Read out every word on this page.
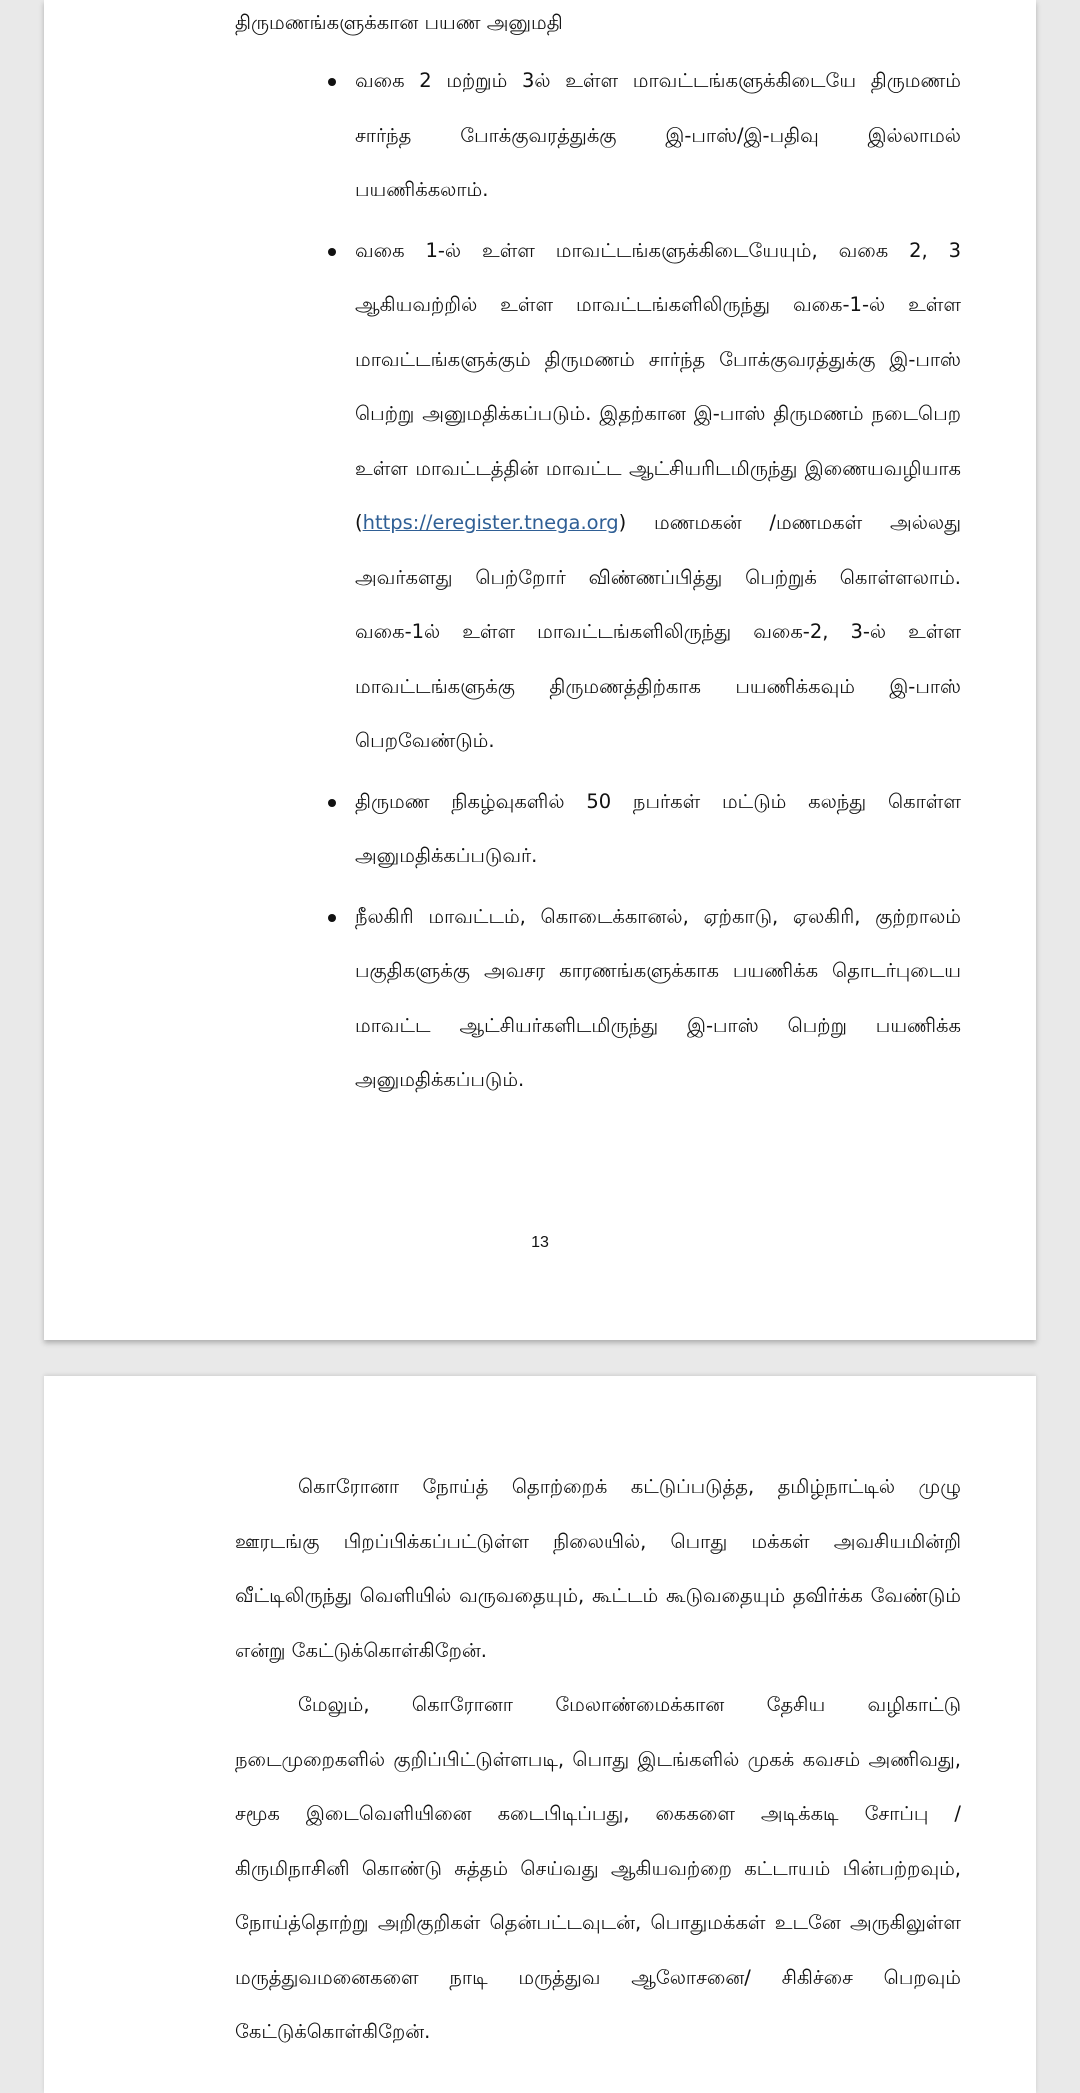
திருமணங்களுக்கான பயண அனுமதி

வகை 2 மற்றும் 3ல் உள்ள மாவட்டங்களுக்கிடையே திருமணம் சார்ந்த போக்குவரத்துக்கு இ-பாஸ்/இ-பதிவு இல்லாமல் பயணிக்கலாம்.
வகை 1-ல் உள்ள மாவட்டங்களுக்கிடையேயும், வகை 2, 3 ஆகியவற்றில் உள்ள மாவட்டங்களிலிருந்து வகை-1-ல் உள்ள மாவட்டங்களுக்கும் திருமணம் சார்ந்த போக்குவரத்துக்கு இ-பாஸ் பெற்று அனுமதிக்கப்படும். இதற்கான இ-பாஸ் திருமணம் நடைபெற உள்ள மாவட்டத்தின் மாவட்ட ஆட்சியரிடமிருந்து இணையவழியாக (https://eregister.tnega.org) மணமகன் /மணமகள் அல்லது அவர்களது பெற்றோர் விண்ணப்பித்து பெற்றுக் கொள்ளலாம். வகை-1ல் உள்ள மாவட்டங்களிலிருந்து வகை-2, 3-ல் உள்ள மாவட்டங்களுக்கு திருமணத்திற்காக பயணிக்கவும் இ-பாஸ் பெறவேண்டும்.
திருமண நிகழ்வுகளில் 50 நபர்கள் மட்டும் கலந்து கொள்ள அனுமதிக்கப்படுவர்.
நீலகிரி மாவட்டம், கொடைக்கானல், ஏற்காடு, ஏலகிரி, குற்றாலம் பகுதிகளுக்கு அவசர காரணங்களுக்காக பயணிக்க தொடர்புடைய மாவட்ட ஆட்சியர்களிடமிருந்து இ-பாஸ் பெற்று பயணிக்க அனுமதிக்கப்படும்.
13

கொரோனா நோய்த் தொற்றைக் கட்டுப்படுத்த, தமிழ்நாட்டில் முழு ஊரடங்கு பிறப்பிக்கப்பட்டுள்ள நிலையில், பொது மக்கள் அவசியமின்றி வீட்டிலிருந்து வெளியில் வருவதையும், கூட்டம் கூடுவதையும் தவிர்க்க வேண்டும் என்று கேட்டுக்கொள்கிறேன்.

மேலும், கொரோனா மேலாண்மைக்கான தேசிய வழிகாட்டு நடைமுறைகளில் குறிப்பிட்டுள்ளபடி, பொது இடங்களில் முகக் கவசம் அணிவது, சமூக இடைவெளியினை கடைபிடிப்பது, கைகளை அடிக்கடி சோப்பு / கிருமிநாசினி கொண்டு சுத்தம் செய்வது ஆகியவற்றை கட்டாயம் பின்பற்றவும், நோய்த்தொற்று அறிகுறிகள் தென்பட்டவுடன், பொதுமக்கள் உடனே அருகிலுள்ள மருத்துவமனைகளை நாடி மருத்துவ ஆலோசனை/ சிகிச்சை பெறவும் கேட்டுக்கொள்கிறேன்.
